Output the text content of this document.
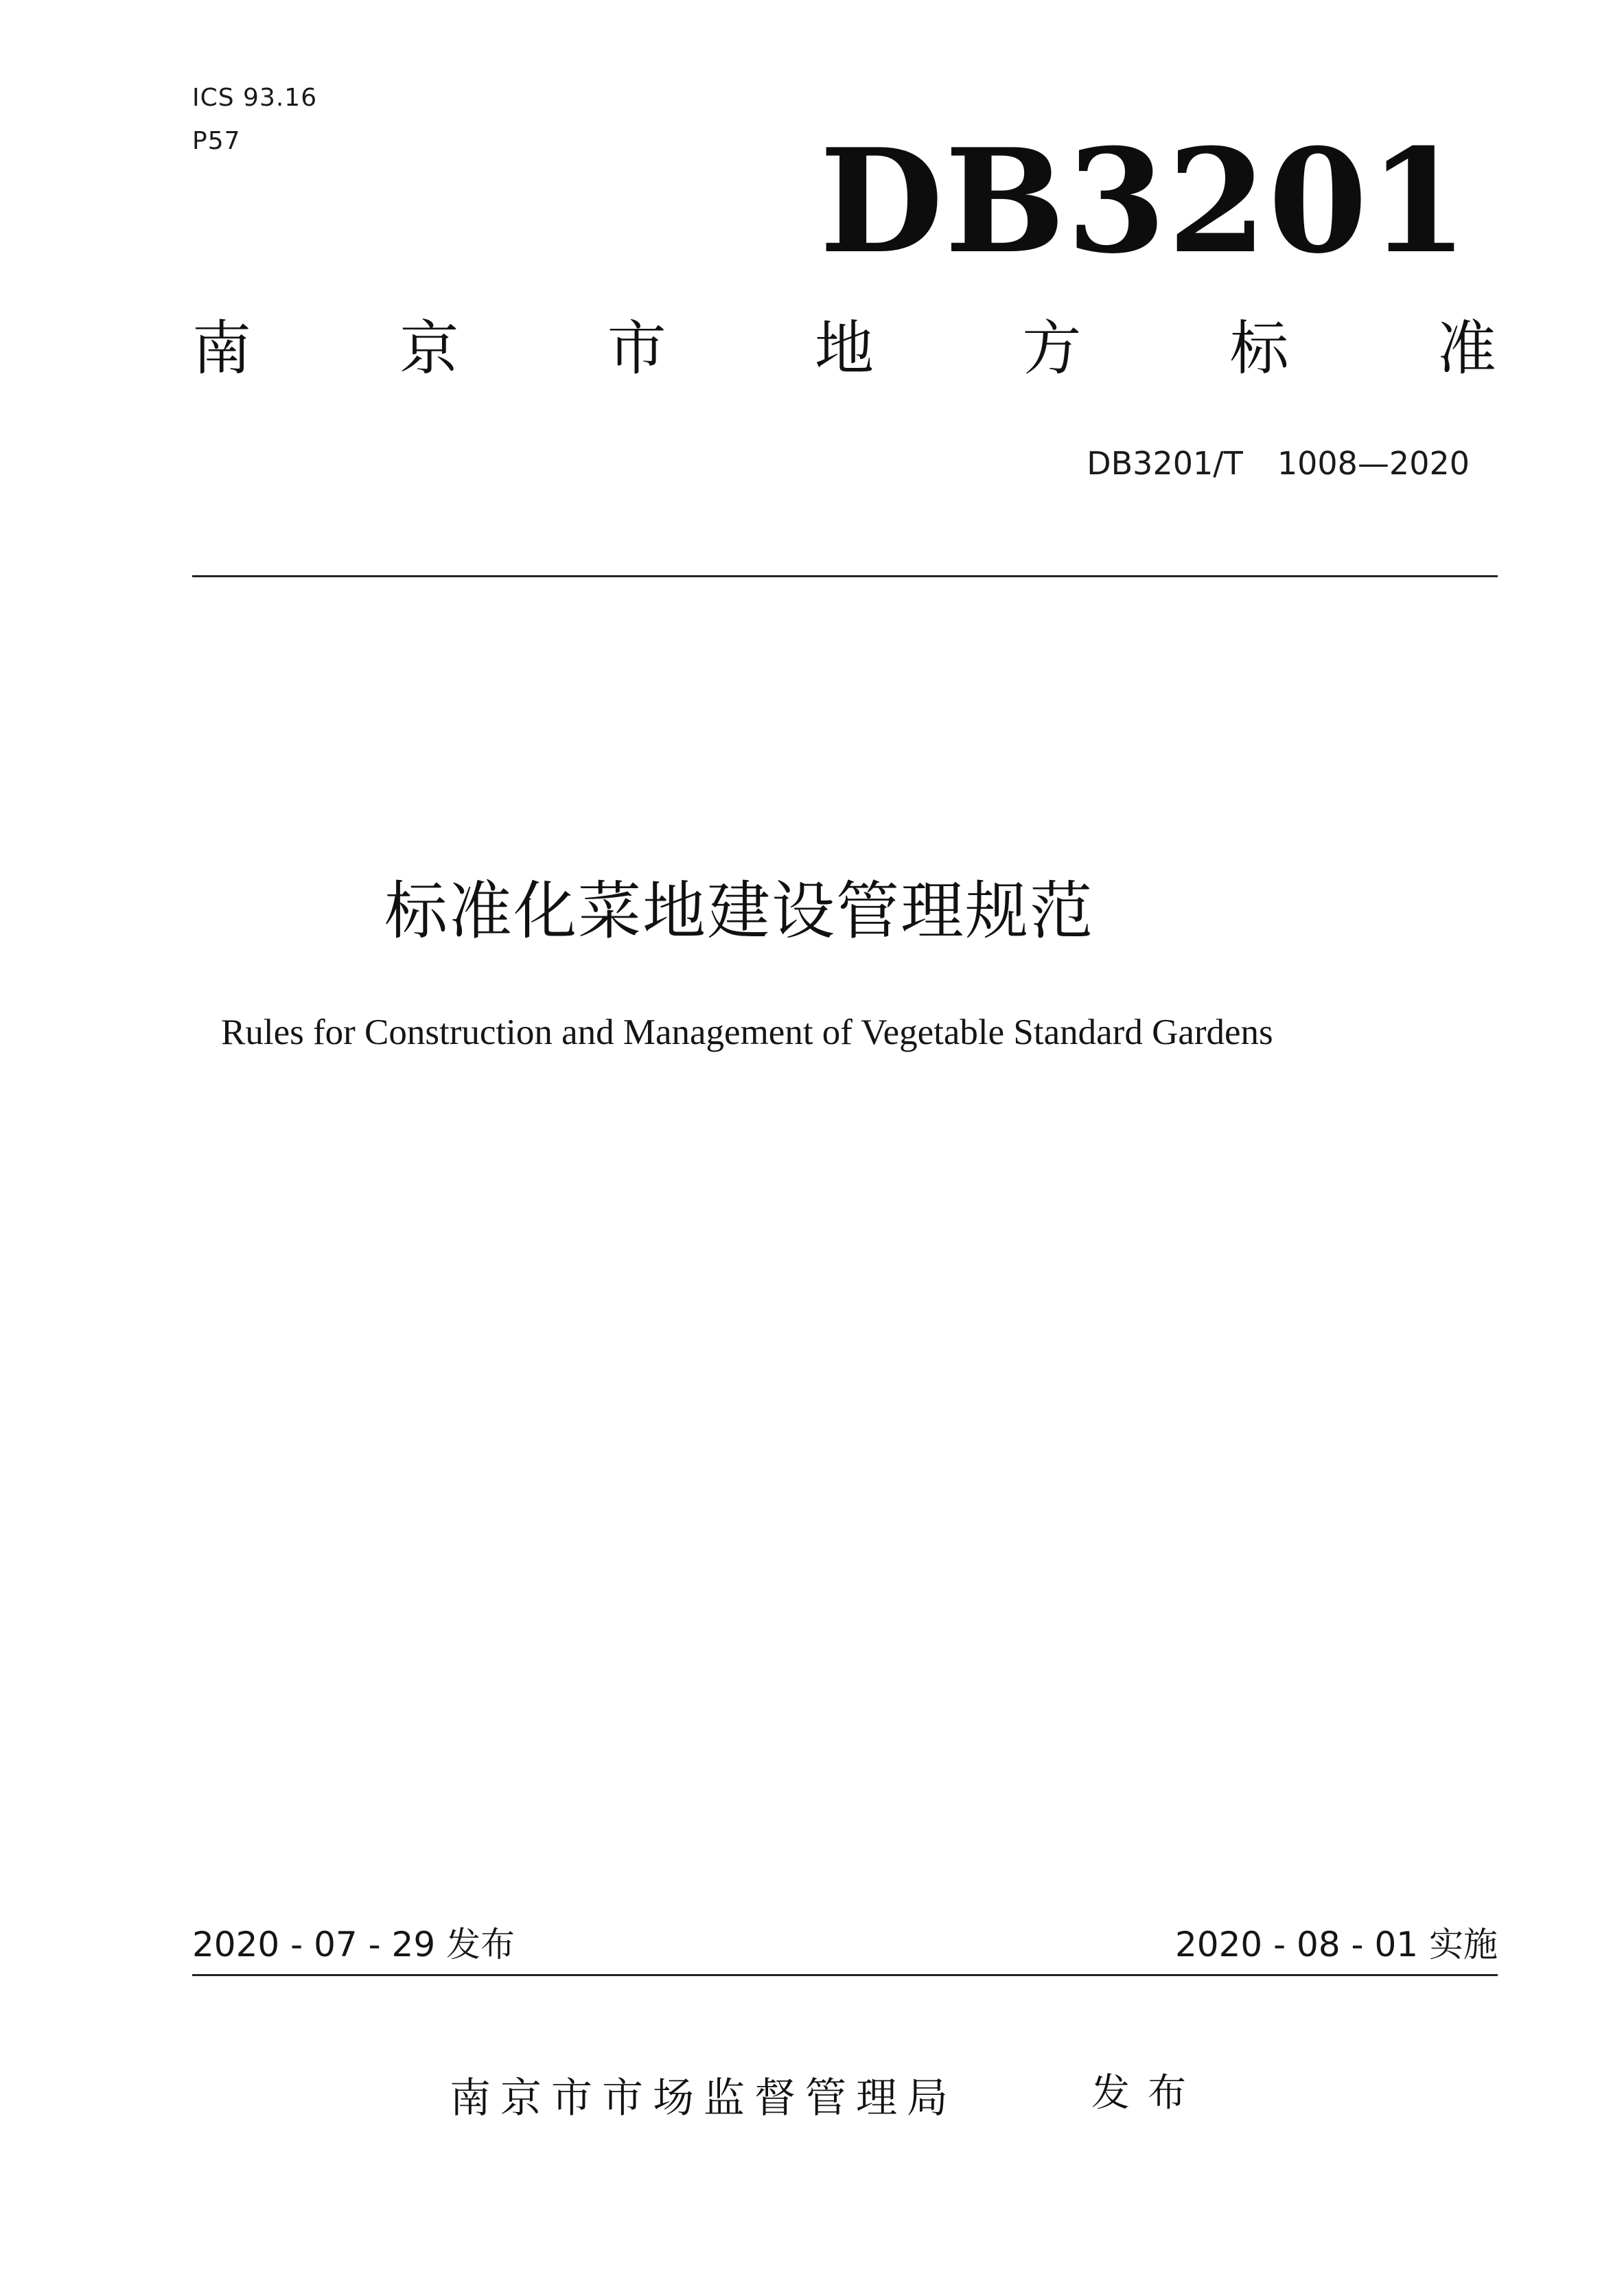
ICS 93.16
P57	DB3201
南	京	市	地	方	标	准
DB3201/T 1008—2020
标准化菜地建设管理规范
Rules for Construction and Management of Vegetable Standard Gardens
2020 - 07 - 29 发布	2020 - 08 - 01 实施
南京市市场监督管理局	发布
